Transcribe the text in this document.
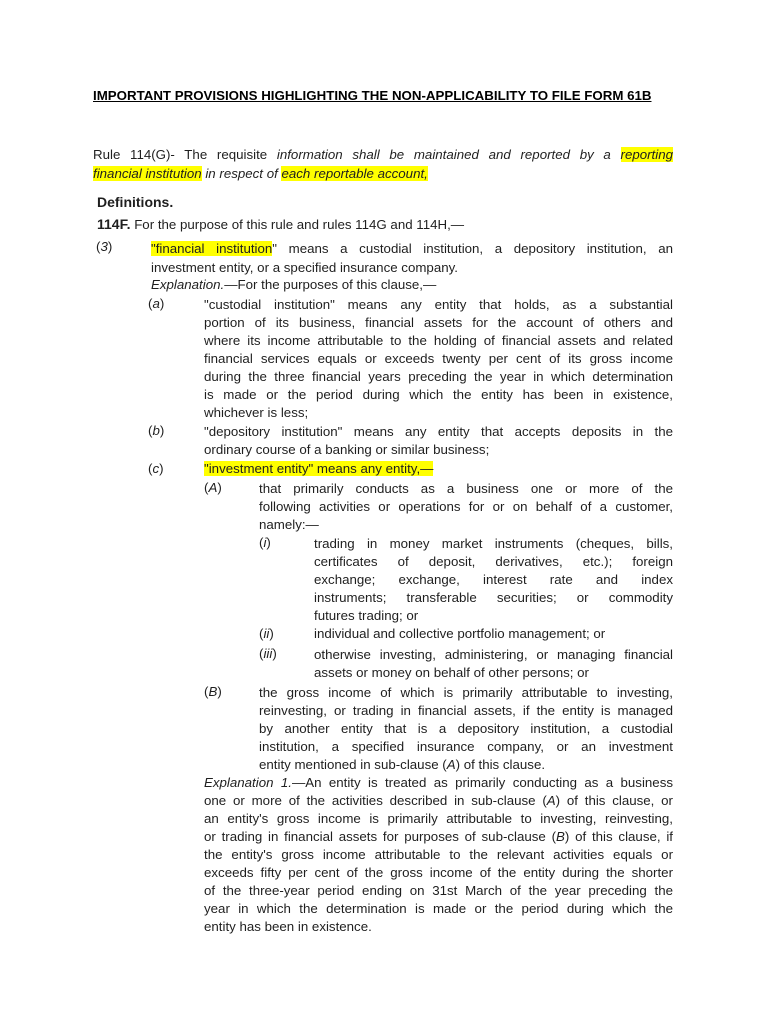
IMPORTANT PROVISIONS HIGHLIGHTING THE NON-APPLICABILITY TO FILE FORM 61B
Rule 114(G)- The requisite information shall be maintained and reported by a reporting
financial institution in respect of each reportable account,
Definitions.
114F. For the purpose of this rule and rules 114G and 114H,—
(3)	"financial institution" means a custodial institution, a depository institution, an
investment entity, or a specified insurance company.
Explanation.—For the purposes of this clause,—
(a)	"custodial institution" means any entity that holds, as a substantial
portion of its business, financial assets for the account of others and
where its income attributable to the holding of financial assets and related
financial services equals or exceeds twenty per cent of its gross income
during the three financial years preceding the year in which determination
is made or the period during which the entity has been in existence,
whichever is less;
(b)	"depository institution" means any entity that accepts deposits in the
ordinary course of a banking or similar business;
(c)	"investment entity" means any entity,—
(A)	that primarily conducts as a business one or more of the
following activities or operations for or on behalf of a customer,
namely:—
(i)	trading in money market instruments (cheques, bills,
certificates of deposit, derivatives, etc.); foreign
exchange; exchange, interest rate and index
instruments; transferable securities; or commodity
futures trading; or
(ii)	individual and collective portfolio management; or
(iii)	otherwise investing, administering, or managing financial
assets or money on behalf of other persons; or
(B)	the gross income of which is primarily attributable to investing,
reinvesting, or trading in financial assets, if the entity is managed
by another entity that is a depository institution, a custodial
institution, a specified insurance company, or an investment
entity mentioned in sub-clause (A) of this clause.
Explanation 1.—An entity is treated as primarily conducting as a business
one or more of the activities described in sub-clause (A) of this clause, or
an entity's gross income is primarily attributable to investing, reinvesting,
or trading in financial assets for purposes of sub-clause (B) of this clause, if
the entity's gross income attributable to the relevant activities equals or
exceeds fifty per cent of the gross income of the entity during the shorter
of the three-year period ending on 31st March of the year preceding the
year in which the determination is made or the period during which the
entity has been in existence.
